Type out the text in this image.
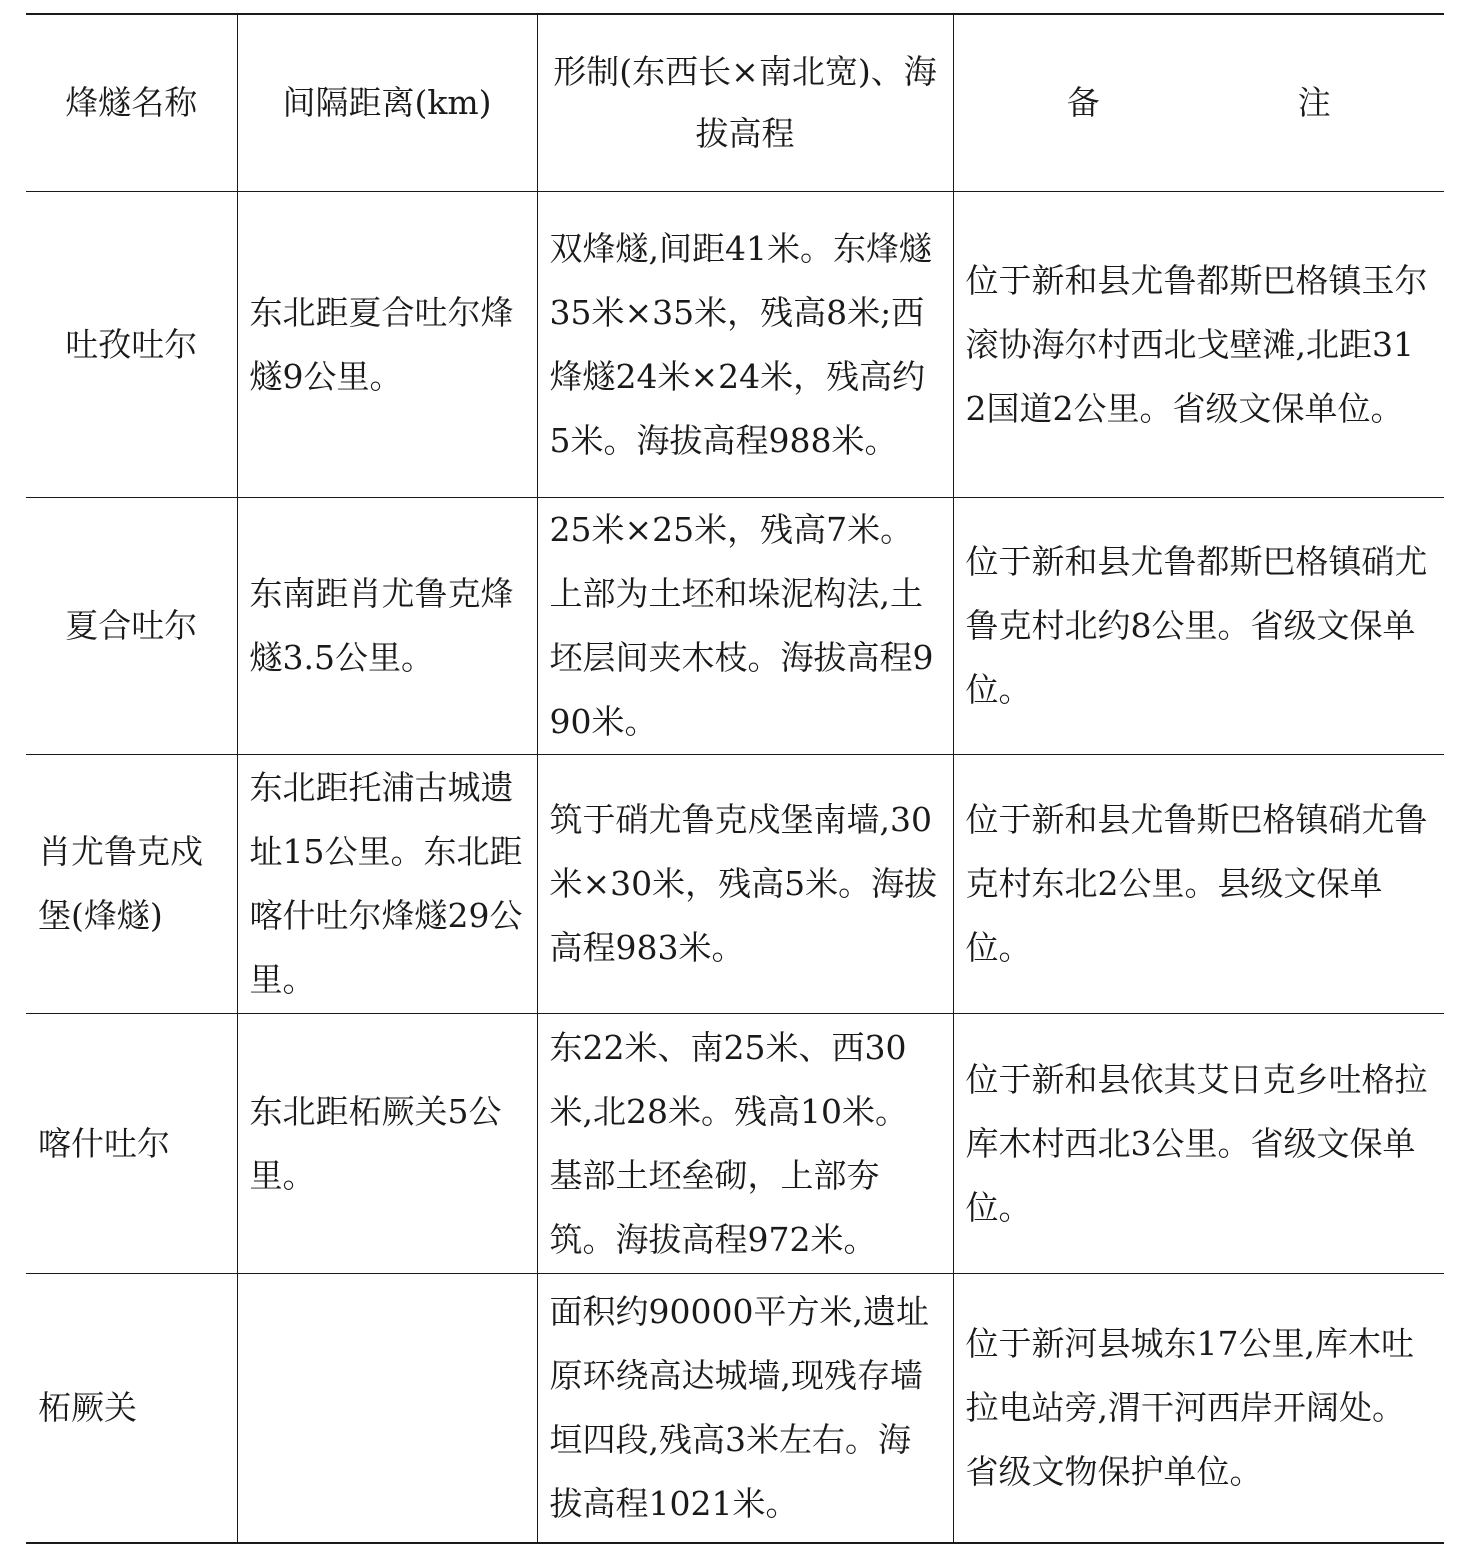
烽燧名称	间隔距离(km)	形制(东西长×南北宽)、海拔高程	备　注
吐孜吐尔	东北距夏合吐尔烽燧9公里。	双烽燧,间距41米。东烽燧35米×35米，残高8米;西烽燧24米×24米，残高约5米。海拔高程988米。	位于新和县尤鲁都斯巴格镇玉尔滚协海尔村西北戈壁滩,北距312国道2公里。省级文保单位。
夏合吐尔	东南距肖尤鲁克烽燧3.5公里。	25米×25米，残高7米。上部为土坯和垛泥构法,土坯层间夹木枝。海拔高程990米。	位于新和县尤鲁都斯巴格镇硝尤鲁克村北约8公里。省级文保单位。
肖尤鲁克戍堡(烽燧)	东北距托浦古城遗址15公里。东北距喀什吐尔烽燧29公里。	筑于硝尤鲁克戍堡南墙,30米×30米，残高5米。海拔高程983米。	位于新和县尤鲁斯巴格镇硝尤鲁克村东北2公里。县级文保单位。
喀什吐尔	东北距柘厥关5公里。	东22米、南25米、西30米,北28米。残高10米。基部土坯垒砌，上部夯筑。海拔高程972米。	位于新和县依其艾日克乡吐格拉库木村西北3公里。省级文保单位。
柘厥关		面积约90000平方米,遗址原环绕高达城墙,现残存墙垣四段,残高3米左右。海拔高程1021米。	位于新河县城东17公里,库木吐拉电站旁,渭干河西岸开阔处。省级文物保护单位。
